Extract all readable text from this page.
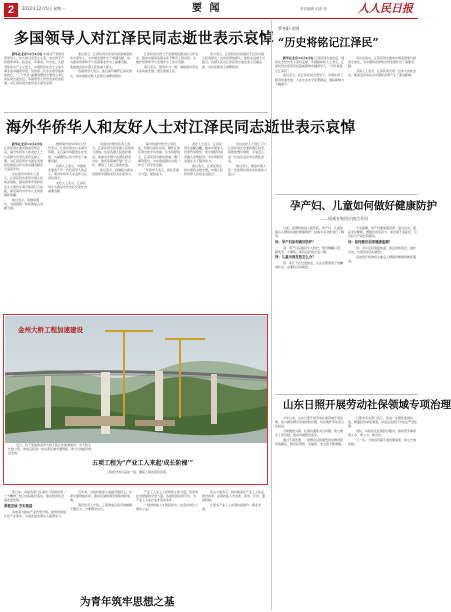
2	2022年12月5日 星期一	要 闻	责任编辑 田泽 张	人人民日报
多国领导人对江泽民同志逝世表示哀悼

新华社北京12月4日电 中国共产党的优秀领导人，伟大的马克思主义者，杰出的无产阶级革命家、政治家、军事家、外交家，久经考验的共产主义战士，中国特色社会主义伟大事业的卓越领导者，党的第三代中央领导集体的核心，“三个代表”重要思想的主要创立者江泽民同志逝世后，多国领导人纷纷发来唁电唁函，对江泽民同志逝世表示深切哀悼。

他们表示，江泽民同志是享有崇高威望的杰出领导人，为中国发展作出了卓越贡献，也为推动世界和平与发展事业作出了重要贡献，他的逝世是中国人民的重大损失。

各国领导人表示，他们深切缅怀江泽民同志，向中国政府和人民致以诚挚的慰问。

江泽民同志致力于发展同各国友好合作关系，推动中国同各国关系不断迈上新台阶，为维护世界和平与发展作出了杰出贡献。

他们表示，愿同中方一道，继续推动双边关系向前发展，惠及两国人民。

各方表示，江泽民同志的逝世不仅是中国人民的损失，也是世界的损失，他将永远被人们铭记。各国人民对江泽民同志逝世表示沉痛哀悼，对其家属表示诚挚慰问。

海外华侨华人和友好人士对江泽民同志逝世表示哀悼

新华社北京12月4日电 江泽民同志逝世的消息传出后，海外华侨华人和友好人士以各种方式表达深切哀悼之情，对江泽民同志为国家发展和民族复兴作出的卓越贡献给予高度评价。

多位海外华侨华人表示，江泽民同志领导中国人民锐意进取，推动改革开放和社会主义现代化建设取得巨大成就，深受海内外中华儿女的崇敬和爱戴。

他们表示，将继承遗志，为祖国统一和民族复兴贡献力量。

旅居海外的华侨华人纷纷表示，江泽民同志心系海外侨胞，关心海外侨胞的生存发展，为凝聚侨心侨力作出了重要贡献。

侨界人士表示，中国的发展离不开一代代领导人的奋斗，海外华侨华人永远怀念江泽民同志。

友好人士表示，江泽民同志为推动中外友好交流作出重要贡献。

多国友好组织负责人表示，江泽民同志是中国人民的伟大领袖，也是各国人民的好朋友。他推动中国与各国在经济、文化、教育等领域开展广泛合作，增进了人民之间的友谊。

他们表示，将继续为推动各国同中国的友好关系而努力。

海外侨团纷纷设立吊唁处，侨胞们前往吊唁，缅怀江泽民同志的丰功伟绩。许多侨胞表示，江泽民同志推动香港、澳门顺利回归，为实现祖国完全统一作出了历史性贡献。

华侨华人表示，将化悲痛为力量，团结奋斗。

友好人士表示，江泽民同志高瞻远瞩，推动中国加入世界贸易组织，使中国经济深度融入世界经济，为世界经济发展注入了强劲动力。

他们表示，江泽民同志的功绩将永载史册，中国人民和世界人民将永远铭记。

多位友好人士回忆了与江泽民同志会面的难忘时光，称赞他博学睿智、平易近人，是一位具有远见卓识的政治家。

他们表示，相信中国人民一定能够实现中华民族伟大复兴。

金州大桥工程加速建设

近日，位于某地的金州大桥工程正在加速建设。该大桥全长数公里，建成后将进一步完善区域交通网络，助力当地经济社会发展。

五项工程为“产业工人来起‘成长阶梯’”

工程建设者们奋战一线，确保工程质量和进度。

连日来，各地各部门认真学习贯彻党的二十大精神，结合实际抓好落实，推动经济社会高质量发展。

厚植发展 夯实根基

各地着力推动产业转型升级，加快构建现代化产业体系，为高质量发展注入强劲动力。

近年来，当地持续加大基础设施投入，完善交通网络布局，推动区域协调发展取得新成效。

项目负责人介绍，工程建成后将有效缓解交通压力，方便群众出行。

产业工人是工人阶级的主体力量，是创造社会财富的中坚力量。各地积极搭建平台，为产业工人成长成才创造条件。

一批批技能人才脱颖而出，在各自岗位上建功立业。

有关方面表示，将持续深化产业工人队伍建设改革，完善技能人才培养、使用、评价、激励机制。

让更多产业工人实现技能提升、职业发展。

为青年筑牢思想之基
罗冬阳·光明
“历史将铭记江泽民”

新华社北京12月4日电 江泽民同志逝世后，国际社会纷纷表示深切哀悼。多国媒体和人士表示，江泽民同志是享有崇高威望的卓越领导人，“历史将铭记江泽民”。

他们表示，在江泽民同志领导下，中国实现了经济快速发展，人民生活水平显著提高，国际影响力大幅提升。

有评论指出，江泽民同志推动中国深度参与经济全球化，为中国和世界的共同发展作出了重要贡献。

多国人士表示，江泽民同志是一位伟大的政治家，他的远见卓识对中国和世界产生了深远影响。

孕产妇、儿童如何做好健康防护
——权威专家回应热点关切

当前，疫情防控进入新阶段。孕产妇、儿童等重点人群如何做好健康防护？权威专家对此进行了解答。

问：孕产妇如何做好防护？

答：孕产妇应做好个人防护，规范佩戴口罩，勤洗手，少聚集，保持良好的生活习惯。

问：儿童出现发热怎么办？

答：家长不必过度焦虑，应注意观察孩子的精神状态，必要时及时就医。

专家提醒，孕产妇要加强营养，适当运动，保证充足睡眠，增强自身免疫力。如出现不适症状，应及时与产检医院联系。

问：如何做好居家健康监测？

答：可以定时测量体温，留意身体变化，做好记录，出现异常及时就医。

各地医疗机构将为重点人群提供便捷的就医服务。

山东日照开展劳动社保领域专项治理

今年以来，山东日照开展劳动社保领域专项治理，着力解决群众急难愁盼问题，切实维护劳动者合法权益。

当地聚焦欠薪、社保待遇等突出问题，建立健全工作机制，推动问题整改落实。

通过专项治理，一批群众反映强烈的问题得到有效解决，群众获得感、幸福感、安全感不断增强。

日照市有关部门表示，将进一步强化监督检查，畅通投诉举报渠道，对违法违规行为依法严肃处理。

同时，持续优化社保经办服务，推动更多事项网上办、掌上办、就近办。

下一步，当地将巩固专项治理成果，建立长效机制。
